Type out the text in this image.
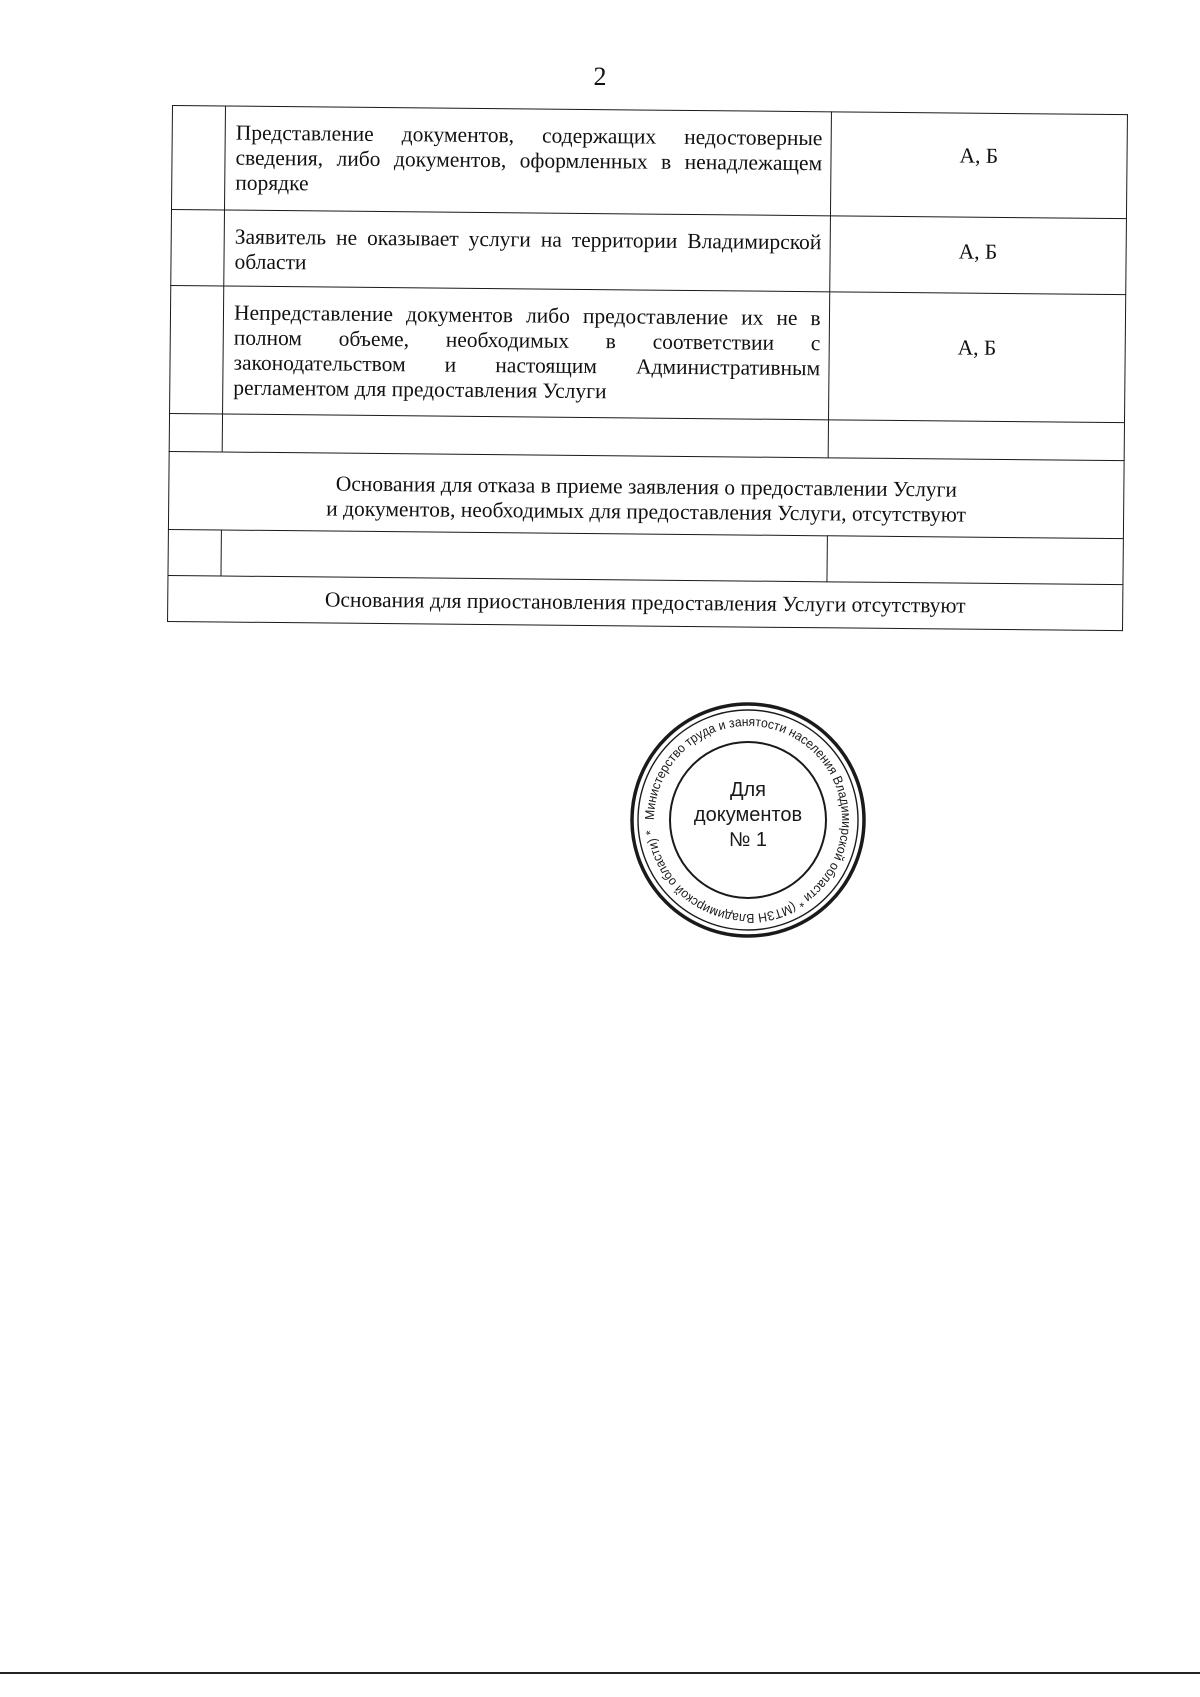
2

	Представление документов, содержащих недостоверные сведения, либо документов, оформленных в ненадлежащем порядке	А, Б

	Заявитель не оказывает услуги на территории Владимирской области	А, Б

	Непредставление документов либо предоставление их не в полном объеме, необходимых в соответствии с законодательством и настоящим Административным регламентом для предоставления Услуги	А, Б

Основания для отказа в приеме заявления о предоставлении Услуги
и документов, необходимых для предоставления Услуги, отсутствуют		

Основания для приостановления предоставления Услуги отсутствуют		
Министерство труда и занятости населения Владимирской области * (МТЗН Владимирской области) *
Для
документов
№ 1
